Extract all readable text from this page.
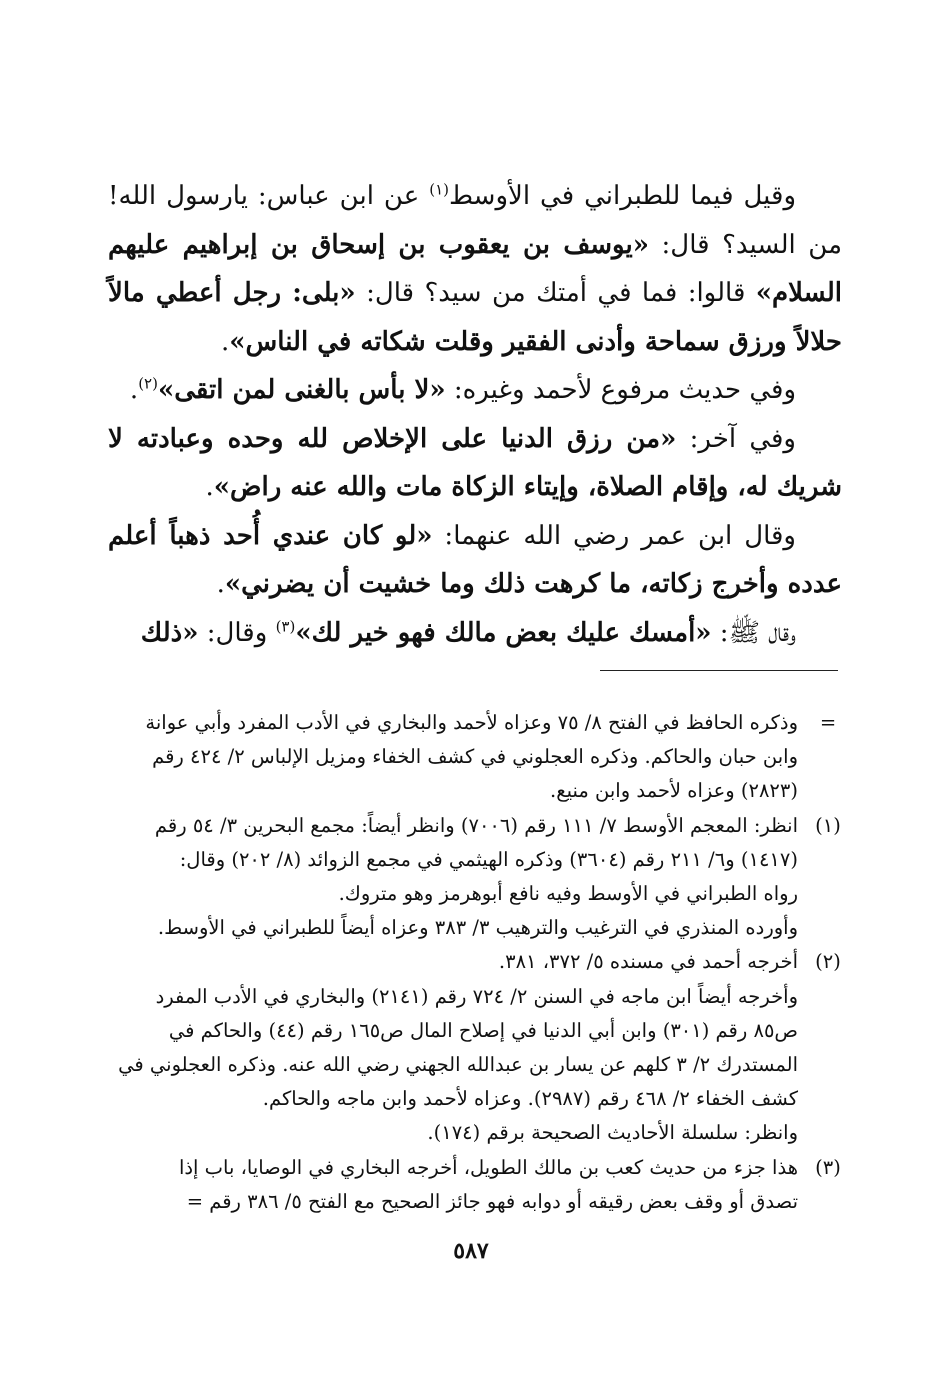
وقيل فيما للطبراني في الأوسط$^{(١)}$ عن ابن عباس: يارسول الله! من السيد؟ قال: «يوسف بن يعقوب بن إسحاق بن إبراهيم عليهم السلام» قالوا: فما في أمتك من سيد؟ قال: «بلى: رجل أعطي مالاً حلالاً ورزق سماحة وأدنى الفقير وقلت شكاته في الناس».

وفي حديث مرفوع لأحمد وغيره: «لا بأس بالغنى لمن اتقى»$^{(٢)}$.

وفي آخر: «من رزق الدنيا على الإخلاص لله وحده وعبادته لا شريك له، وإقام الصلاة، وإيتاء الزكاة مات والله عنه راض».

وقال ابن عمر رضي الله عنهما: «لو كان عندي أُحد ذهباً أعلم عدده وأخرج زكاته، ما كرهت ذلك وما خشيت أن يضرني».

وقال ﷺ: «أمسك عليك بعض مالك فهو خير لك»$^{(٣)}$ وقال: «ذلك

=
وذكره الحافظ في الفتح ٨/ ٧٥ وعزاه لأحمد والبخاري في الأدب المفرد وأبي عوانة
وابن حبان والحاكم. وذكره العجلوني في كشف الخفاء ومزيل الإلباس ٢/ ٤٢٤ رقم
(٢٨٢٣) وعزاه لأحمد وابن منيع.
(١)
انظر: المعجم الأوسط ٧/ ١١١ رقم (٧٠٠٦) وانظر أيضاً: مجمع البحرين ٣/ ٥٤ رقم
(١٤١٧) و٦/ ٢١١ رقم (٣٦٠٤) وذكره الهيثمي في مجمع الزوائد (٨/ ٢٠٢) وقال:
رواه الطبراني في الأوسط وفيه نافع أبوهرمز وهو متروك.
وأورده المنذري في الترغيب والترهيب ٣/ ٣٨٣ وعزاه أيضاً للطبراني في الأوسط.
(٢)
أخرجه أحمد في مسنده ٥/ ٣٧٢، ٣٨١.
وأخرجه أيضاً ابن ماجه في السنن ٢/ ٧٢٤ رقم (٢١٤١) والبخاري في الأدب المفرد
ص٨٥ رقم (٣٠١) وابن أبي الدنيا في إصلاح المال ص١٦٥ رقم (٤٤) والحاكم في
المستدرك ٢/ ٣ كلهم عن يسار بن عبدالله الجهني رضي الله عنه. وذكره العجلوني في
كشف الخفاء ٢/ ٤٦٨ رقم (٢٩٨٧). وعزاه لأحمد وابن ماجه والحاكم.
وانظر: سلسلة الأحاديث الصحيحة برقم (١٧٤).
(٣)
هذا جزء من حديث كعب بن مالك الطويل، أخرجه البخاري في الوصايا، باب إذا
تصدق أو وقف بعض رقيقه أو دوابه فهو جائز الصحيح مع الفتح ٥/ ٣٨٦ رقم =
٥٨٧
